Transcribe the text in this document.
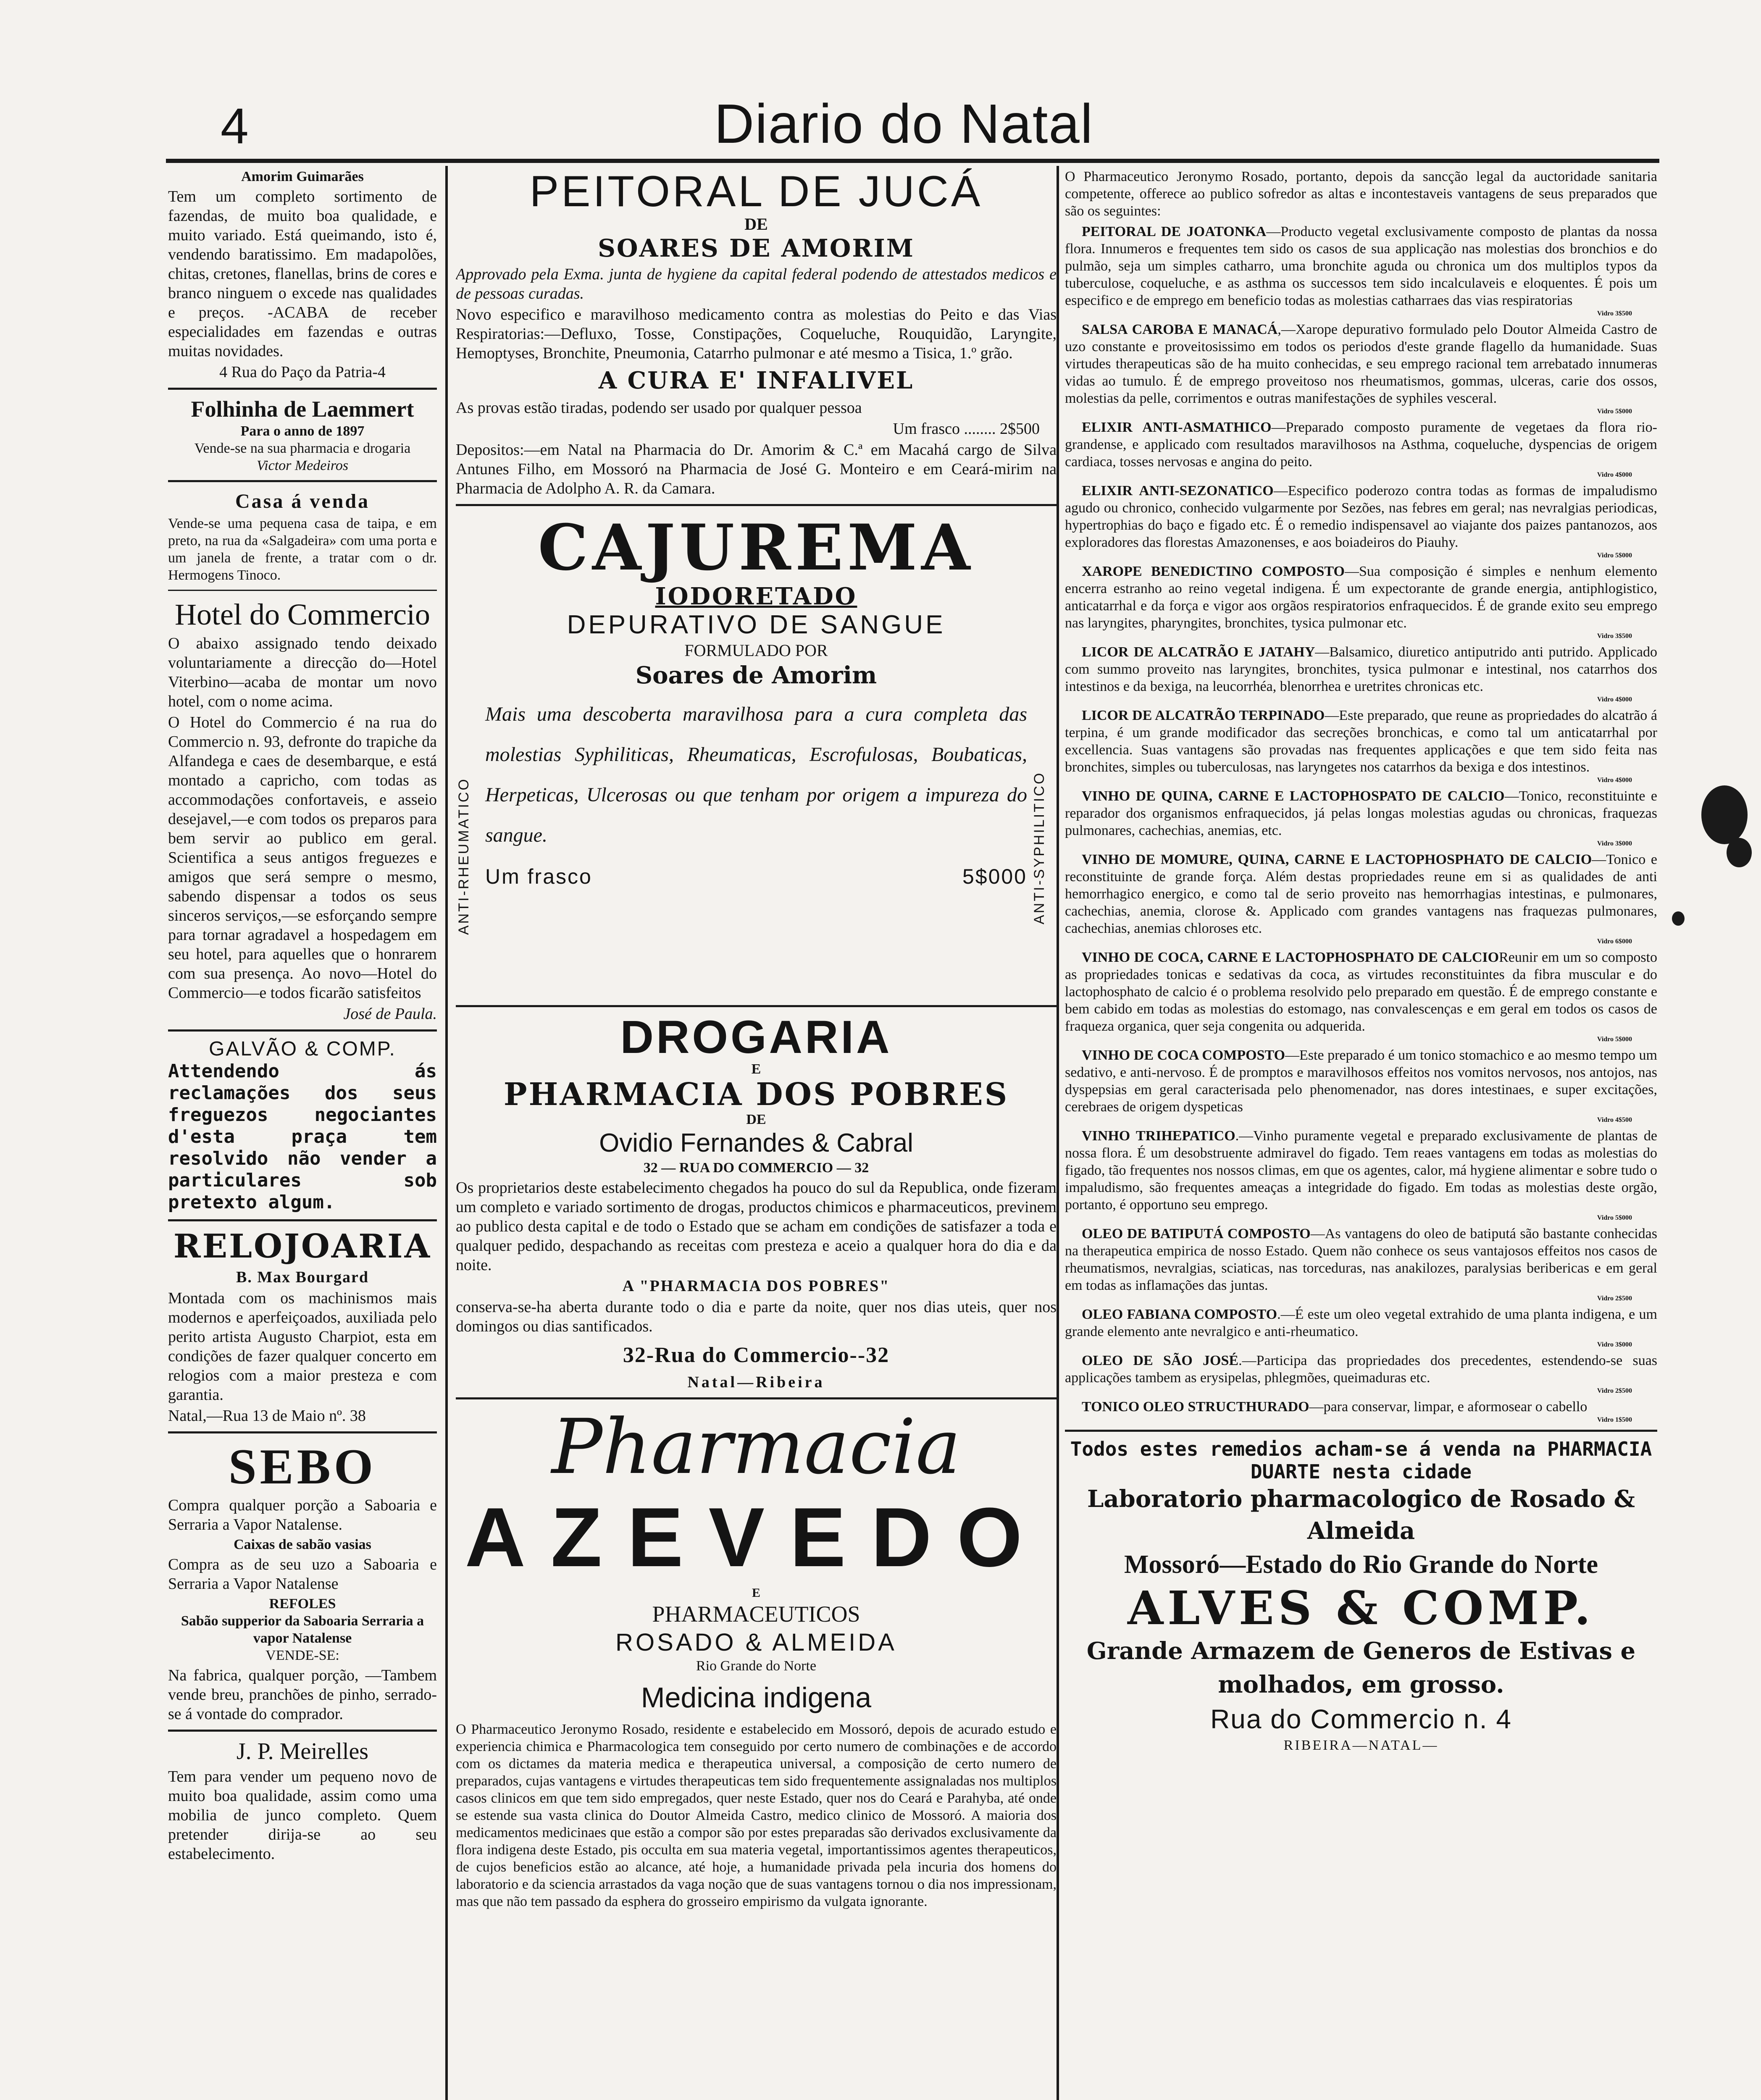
4	Diario do Natal
Amorim Guimarães
Tem um completo sortimento de fazendas, de muito boa qualidade, e muito variado. Está queimando, isto é, vendendo baratissimo. Em madapolões, chitas, cretones, flanellas, brins de cores e branco ninguem o excede nas qualidades e preços. -ACABA de receber especialidades em fazendas e outras muitas novidades.
4 Rua do Paço da Patria-4
Folhinha de Laemmert
Para o anno de 1897
Vende-se na sua pharmacia e drogaria
Victor Medeiros
Casa á venda
Vende-se uma pequena casa de taipa, e em preto, na rua da «Salgadeira» com uma porta e um janela de frente, a tratar com o dr. Hermogens Tinoco.
Hotel do Commercio
O abaixo assignado tendo deixado voluntariamente a direcção do—Hotel Viterbino—acaba de montar um novo hotel, com o nome acima.
O Hotel do Commercio é na rua do Commercio n. 93, defronte do trapiche da Alfandega e caes de desembarque, e está montado a capricho, com todas as accommodações confortaveis, e asseio desejavel,—e com todos os preparos para bem servir ao publico em geral. Scientifica a seus antigos freguezes e amigos que será sempre o mesmo, sabendo dispensar a todos os seus sinceros serviços,—se esforçando sempre para tornar agradavel a hospedagem em seu hotel, para aquelles que o honrarem com sua presença. Ao novo—Hotel do Commercio—e todos ficarão satisfeitos
José de Paula.
GALVÃO & COMP.
Attendendo ás reclamações dos seus freguezos negociantes d'esta praça tem resolvido não vender a particulares sob pretexto algum.
RELOJOARIA
B. Max Bourgard
Montada com os machinismos mais modernos e aperfeiçoados, auxiliada pelo perito artista Augusto Charpiot, esta em condições de fazer qualquer concerto em relogios com a maior presteza e com garantia.
Natal,—Rua 13 de Maio nº. 38
SEBO
Compra qualquer porção a Saboaria e Serraria a Vapor Natalense.
Caixas de sabão vasias
Compra as de seu uzo a Saboaria e Serraria a Vapor Natalense
REFOLES
Sabão supperior da Saboaria Serraria a vapor Natalense
VENDE-SE:
Na fabrica, qualquer porção, —Tambem vende breu, pranchões de pinho, serrado-se á vontade do comprador.
J. P. Meirelles
Tem para vender um pequeno novo de muito boa qualidade, assim como uma mobilia de junco completo. Quem pretender dirija-se ao seu estabelecimento.
PEITORAL DE JUCÁ
DE
SOARES DE AMORIM
Approvado pela Exma. junta de hygiene da capital federal podendo de attestados medicos e de pessoas curadas.
Novo especifico e maravilhoso medicamento contra as molestias do Peito e das Vias Respiratorias:—Defluxo, Tosse, Constipações, Coqueluche, Rouquidão, Laryngite, Hemoptyses, Bronchite, Pneumonia, Catarrho pulmonar e até mesmo a Tisica, 1.º grão.
A CURA E' INFALIVEL
As provas estão tiradas, podendo ser usado por qualquer pessoa
Um frasco ........ 2$500
Depositos:—em Natal na Pharmacia do Dr. Amorim & C.ª em Macahá cargo de Silva Antunes Filho, em Mossoró na Pharmacia de José G. Monteiro e em Ceará-mirim na Pharmacia de Adolpho A. R. da Camara.
ANTI-RHEUMATICO	ANTI-SYPHILITICO
CAJUREMA
IODORETADO
DEPURATIVO DE SANGUE
FORMULADO POR
Soares de Amorim
Mais uma descoberta maravilhosa para a cura completa das molestias Syphiliticas, Rheumaticas, Escrofulosas, Boubaticas, Herpeticas, Ulcerosas ou que tenham por origem a impureza do sangue.
Um frasco	5$000
DROGARIA
E
PHARMACIA DOS POBRES
DE
Ovidio Fernandes & Cabral
32 — RUA DO COMMERCIO — 32
Os proprietarios deste estabelecimento chegados ha pouco do sul da Republica, onde fizeram um completo e variado sortimento de drogas, productos chimicos e pharmaceuticos, previnem ao publico desta capital e de todo o Estado que se acham em condições de satisfazer a toda e qualquer pedido, despachando as receitas com presteza e aceio a qualquer hora do dia e da noite.
A "PHARMACIA DOS POBRES"
conserva-se-ha aberta durante todo o dia e parte da noite, quer nos dias uteis, quer nos domingos ou dias santificados.
32-Rua do Commercio--32
Natal—Ribeira
Pharmacia
AZEVEDO
E
PHARMACEUTICOS
ROSADO & ALMEIDA
Rio Grande do Norte
Medicina indigena
O Pharmaceutico Jeronymo Rosado, residente e estabelecido em Mossoró, depois de acurado estudo e experiencia chimica e Pharmacologica tem conseguido por certo numero de combinações e de accordo com os dictames da materia medica e therapeutica universal, a composição de certo numero de preparados, cujas vantagens e virtudes therapeuticas tem sido frequentemente assignaladas nos multiplos casos clinicos em que tem sido empregados, quer neste Estado, quer nos do Ceará e Parahyba, até onde se estende sua vasta clinica do Doutor Almeida Castro, medico clinico de Mossoró. A maioria dos medicamentos medicinaes que estão a compor são por estes preparadas são derivados exclusivamente da flora indigena deste Estado, pis occulta em sua materia vegetal, importantissimos agentes therapeuticos, de cujos beneficios estão ao alcance, até hoje, a humanidade privada pela incuria dos homens do laboratorio e da sciencia arrastados da vaga noção que de suas vantagens tornou o dia nos impressionam, mas que não tem passado da esphera do grosseiro empirismo da vulgata ignorante.
O Pharmaceutico Jeronymo Rosado, portanto, depois da sancção legal da auctoridade sanitaria competente, offerece ao publico sofredor as altas e incontestaveis vantagens de seus preparados que são os seguintes:
PEITORAL DE JOATONKA—Producto vegetal exclusivamente composto de plantas da nossa flora. Innumeros e frequentes tem sido os casos de sua applicação nas molestias dos bronchios e do pulmão, seja um simples catharro, uma bronchite aguda ou chronica um dos multiplos typos da tuberculose, coqueluche, e as asthma os successos tem sido incalculaveis e eloquentes. É pois um especifico e de emprego em beneficio todas as molestias catharraes das vias respiratorias
Vidro 3$500
SALSA CAROBA E MANACÁ,—Xarope depurativo formulado pelo Doutor Almeida Castro de uzo constante e proveitosissimo em todos os periodos d'este grande flagello da humanidade. Suas virtudes therapeuticas são de ha muito conhecidas, e seu emprego racional tem arrebatado innumeras vidas ao tumulo. É de emprego proveitoso nos rheumatismos, gommas, ulceras, carie dos ossos, molestias da pelle, corrimentos e outras manifestações de syphiles vesceral.
Vidro 5$000
ELIXIR ANTI-ASMATHICO—Preparado composto puramente de vegetaes da flora rio-grandense, e applicado com resultados maravilhosos na Asthma, coqueluche, dyspencias de origem cardiaca, tosses nervosas e angina do peito.
Vidro 4$000
ELIXIR ANTI-SEZONATICO—Especifico poderozo contra todas as formas de impaludismo agudo ou chronico, conhecido vulgarmente por Sezões, nas febres em geral; nas nevralgias periodicas, hypertrophias do baço e figado etc. É o remedio indispensavel ao viajante dos paizes pantanozos, aos exploradores das florestas Amazonenses, e aos boiadeiros do Piauhy.
Vidro 5$000
XAROPE BENEDICTINO COMPOSTO—Sua composição é simples e nenhum elemento encerra estranho ao reino vegetal indigena. É um expectorante de grande energia, antiphlogistico, anticatarrhal e da força e vigor aos orgãos respiratorios enfraquecidos. É de grande exito seu emprego nas laryngites, pharyngites, bronchites, tysica pulmonar etc.
Vidro 3$500
LICOR DE ALCATRÃO E JATAHY—Balsamico, diuretico antiputrido anti putrido. Applicado com summo proveito nas laryngites, bronchites, tysica pulmonar e intestinal, nos catarrhos dos intestinos e da bexiga, na leucorrhéa, blenorrhea e uretrites chronicas etc.
Vidro 4$000
LICOR DE ALCATRÃO TERPINADO—Este preparado, que reune as propriedades do alcatrão á terpina, é um grande modificador das secreções bronchicas, e como tal um anticatarrhal por excellencia. Suas vantagens são provadas nas frequentes applicações e que tem sido feita nas bronchites, simples ou tuberculosas, nas laryngetes nos catarrhos da bexiga e dos intestinos.
Vidro 4$000
VINHO DE QUINA, CARNE E LACTOPHOSPATO DE CALCIO—Tonico, reconstituinte e reparador dos organismos enfraquecidos, já pelas longas molestias agudas ou chronicas, fraquezas pulmonares, cachechias, anemias, etc.
Vidro 3$000
VINHO DE MOMURE, QUINA, CARNE E LACTOPHOSPHATO DE CALCIO—Tonico e reconstituinte de grande força. Além destas propriedades reune em si as qualidades de anti hemorrhagico energico, e como tal de serio proveito nas hemorrhagias intestinas, e pulmonares, cachechias, anemia, clorose &. Applicado com grandes vantagens nas fraquezas pulmonares, cachechias, anemias chloroses etc.
Vidro 6$000
VINHO DE COCA, CARNE E LACTOPHOSPHATO DE CALCIOReunir em um so composto as propriedades tonicas e sedativas da coca, as virtudes reconstituintes da fibra muscular e do lactophosphato de calcio é o problema resolvido pelo preparado em questão. É de emprego constante e bem cabido em todas as molestias do estomago, nas convalescenças e em geral em todos os casos de fraqueza organica, quer seja congenita ou adquerida.
Vidro 5$000
VINHO DE COCA COMPOSTO—Este preparado é um tonico stomachico e ao mesmo tempo um sedativo, e anti-nervoso. É de promptos e maravilhosos effeitos nos vomitos nervosos, nos antojos, nas dyspepsias em geral caracterisada pelo phenomenador, nas dores intestinaes, e super excitações, cerebraes de origem dyspeticas
Vidro 4$500
VINHO TRIHEPATICO.—Vinho puramente vegetal e preparado exclusivamente de plantas de nossa flora. É um desobstruente admiravel do figado. Tem reaes vantagens em todas as molestias do figado, tão frequentes nos nossos climas, em que os agentes, calor, má hygiene alimentar e sobre tudo o impaludismo, são frequentes ameaças a integridade do figado. Em todas as molestias deste orgão, portanto, é opportuno seu emprego.
Vidro 5$000
OLEO DE BATIPUTÁ COMPOSTO—As vantagens do oleo de batiputá são bastante conhecidas na therapeutica empirica de nosso Estado. Quem não conhece os seus vantajosos effeitos nos casos de rheumatismos, nevralgias, sciaticas, nas torceduras, nas anakilozes, paralysias beribericas e em geral em todas as inflamações das juntas.
Vidro 2$500
OLEO FABIANA COMPOSTO.—É este um oleo vegetal extrahido de uma planta indigena, e um grande elemento ante nevralgico e anti-rheumatico.
Vidro 3$000
OLEO DE SÃO JOSÉ.—Participa das propriedades dos precedentes, estendendo-se suas applicações tambem as erysipelas, phlegmões, queimaduras etc.
Vidro 2$500
TONICO OLEO STRUCTHURADO—para conservar, limpar, e aformosear o cabello
Vidro 1$500
Todos estes remedios acham-se á venda na PHARMACIA DUARTE nesta cidade
Laboratorio pharmacologico de Rosado & Almeida
Mossoró—Estado do Rio Grande do Norte
ALVES & COMP.
Grande Armazem de Generos de Estivas e molhados, em grosso.
Rua do Commercio n. 4
RIBEIRA—NATAL—
